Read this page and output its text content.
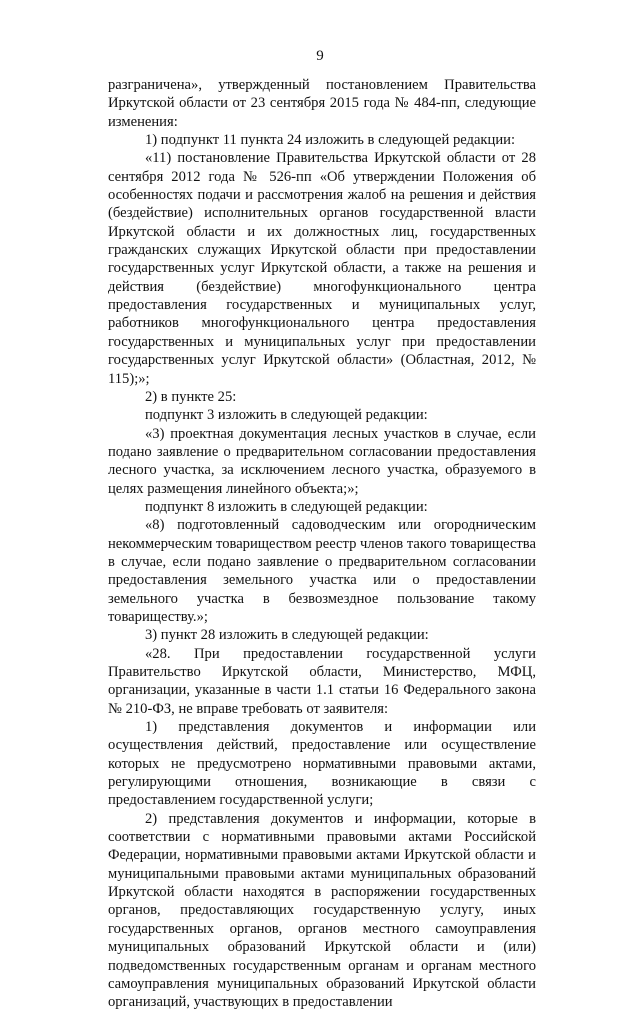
9

разграничена», утвержденный постановлением Правительства Иркутской области от 23 сентября 2015 года № 484-пп, следующие изменения:

1) подпункт 11 пункта 24 изложить в следующей редакции:

«11) постановление Правительства Иркутской области от 28 сентября 2012 года № 526-пп «Об утверждении Положения об особенностях подачи и рассмотрения жалоб на решения и действия (бездействие) исполнительных органов государственной власти Иркутской области и их должностных лиц, государственных гражданских служащих Иркутской области при предоставлении государственных услуг Иркутской области, а также на решения и действия (бездействие) многофункционального центра предоставления государственных и муниципальных услуг, работников многофункционального центра предоставления государственных и муниципальных услуг при предоставлении государственных услуг Иркутской области» (Областная, 2012, № 115);»;

2) в пункте 25:

подпункт 3 изложить в следующей редакции:

«3) проектная документация лесных участков в случае, если подано заявление о предварительном согласовании предоставления лесного участка, за исключением лесного участка, образуемого в целях размещения линейного объекта;»;

подпункт 8 изложить в следующей редакции:

«8) подготовленный садоводческим или огородническим некоммерческим товариществом реестр членов такого товарищества в случае, если подано заявление о предварительном согласовании предоставления земельного участка или о предоставлении земельного участка в безвозмездное пользование такому товариществу.»;

3) пункт 28 изложить в следующей редакции:

«28. При предоставлении государственной услуги Правительство Иркутской области, Министерство, МФЦ, организации, указанные в части 1.1 статьи 16 Федерального закона № 210-ФЗ, не вправе требовать от заявителя:

1) представления документов и информации или осуществления действий, предоставление или осуществление которых не предусмотрено нормативными правовыми актами, регулирующими отношения, возникающие в связи с предоставлением государственной услуги;

2) представления документов и информации, которые в соответствии с нормативными правовыми актами Российской Федерации, нормативными правовыми актами Иркутской области и муниципальными правовыми актами муниципальных образований Иркутской области находятся в распоряжении государственных органов, предоставляющих государственную услугу, иных государственных органов, органов местного самоуправления муниципальных образований Иркутской области и (или) подведомственных государственным органам и органам местного самоуправления муниципальных образований Иркутской области организаций, участвующих в предоставлении
